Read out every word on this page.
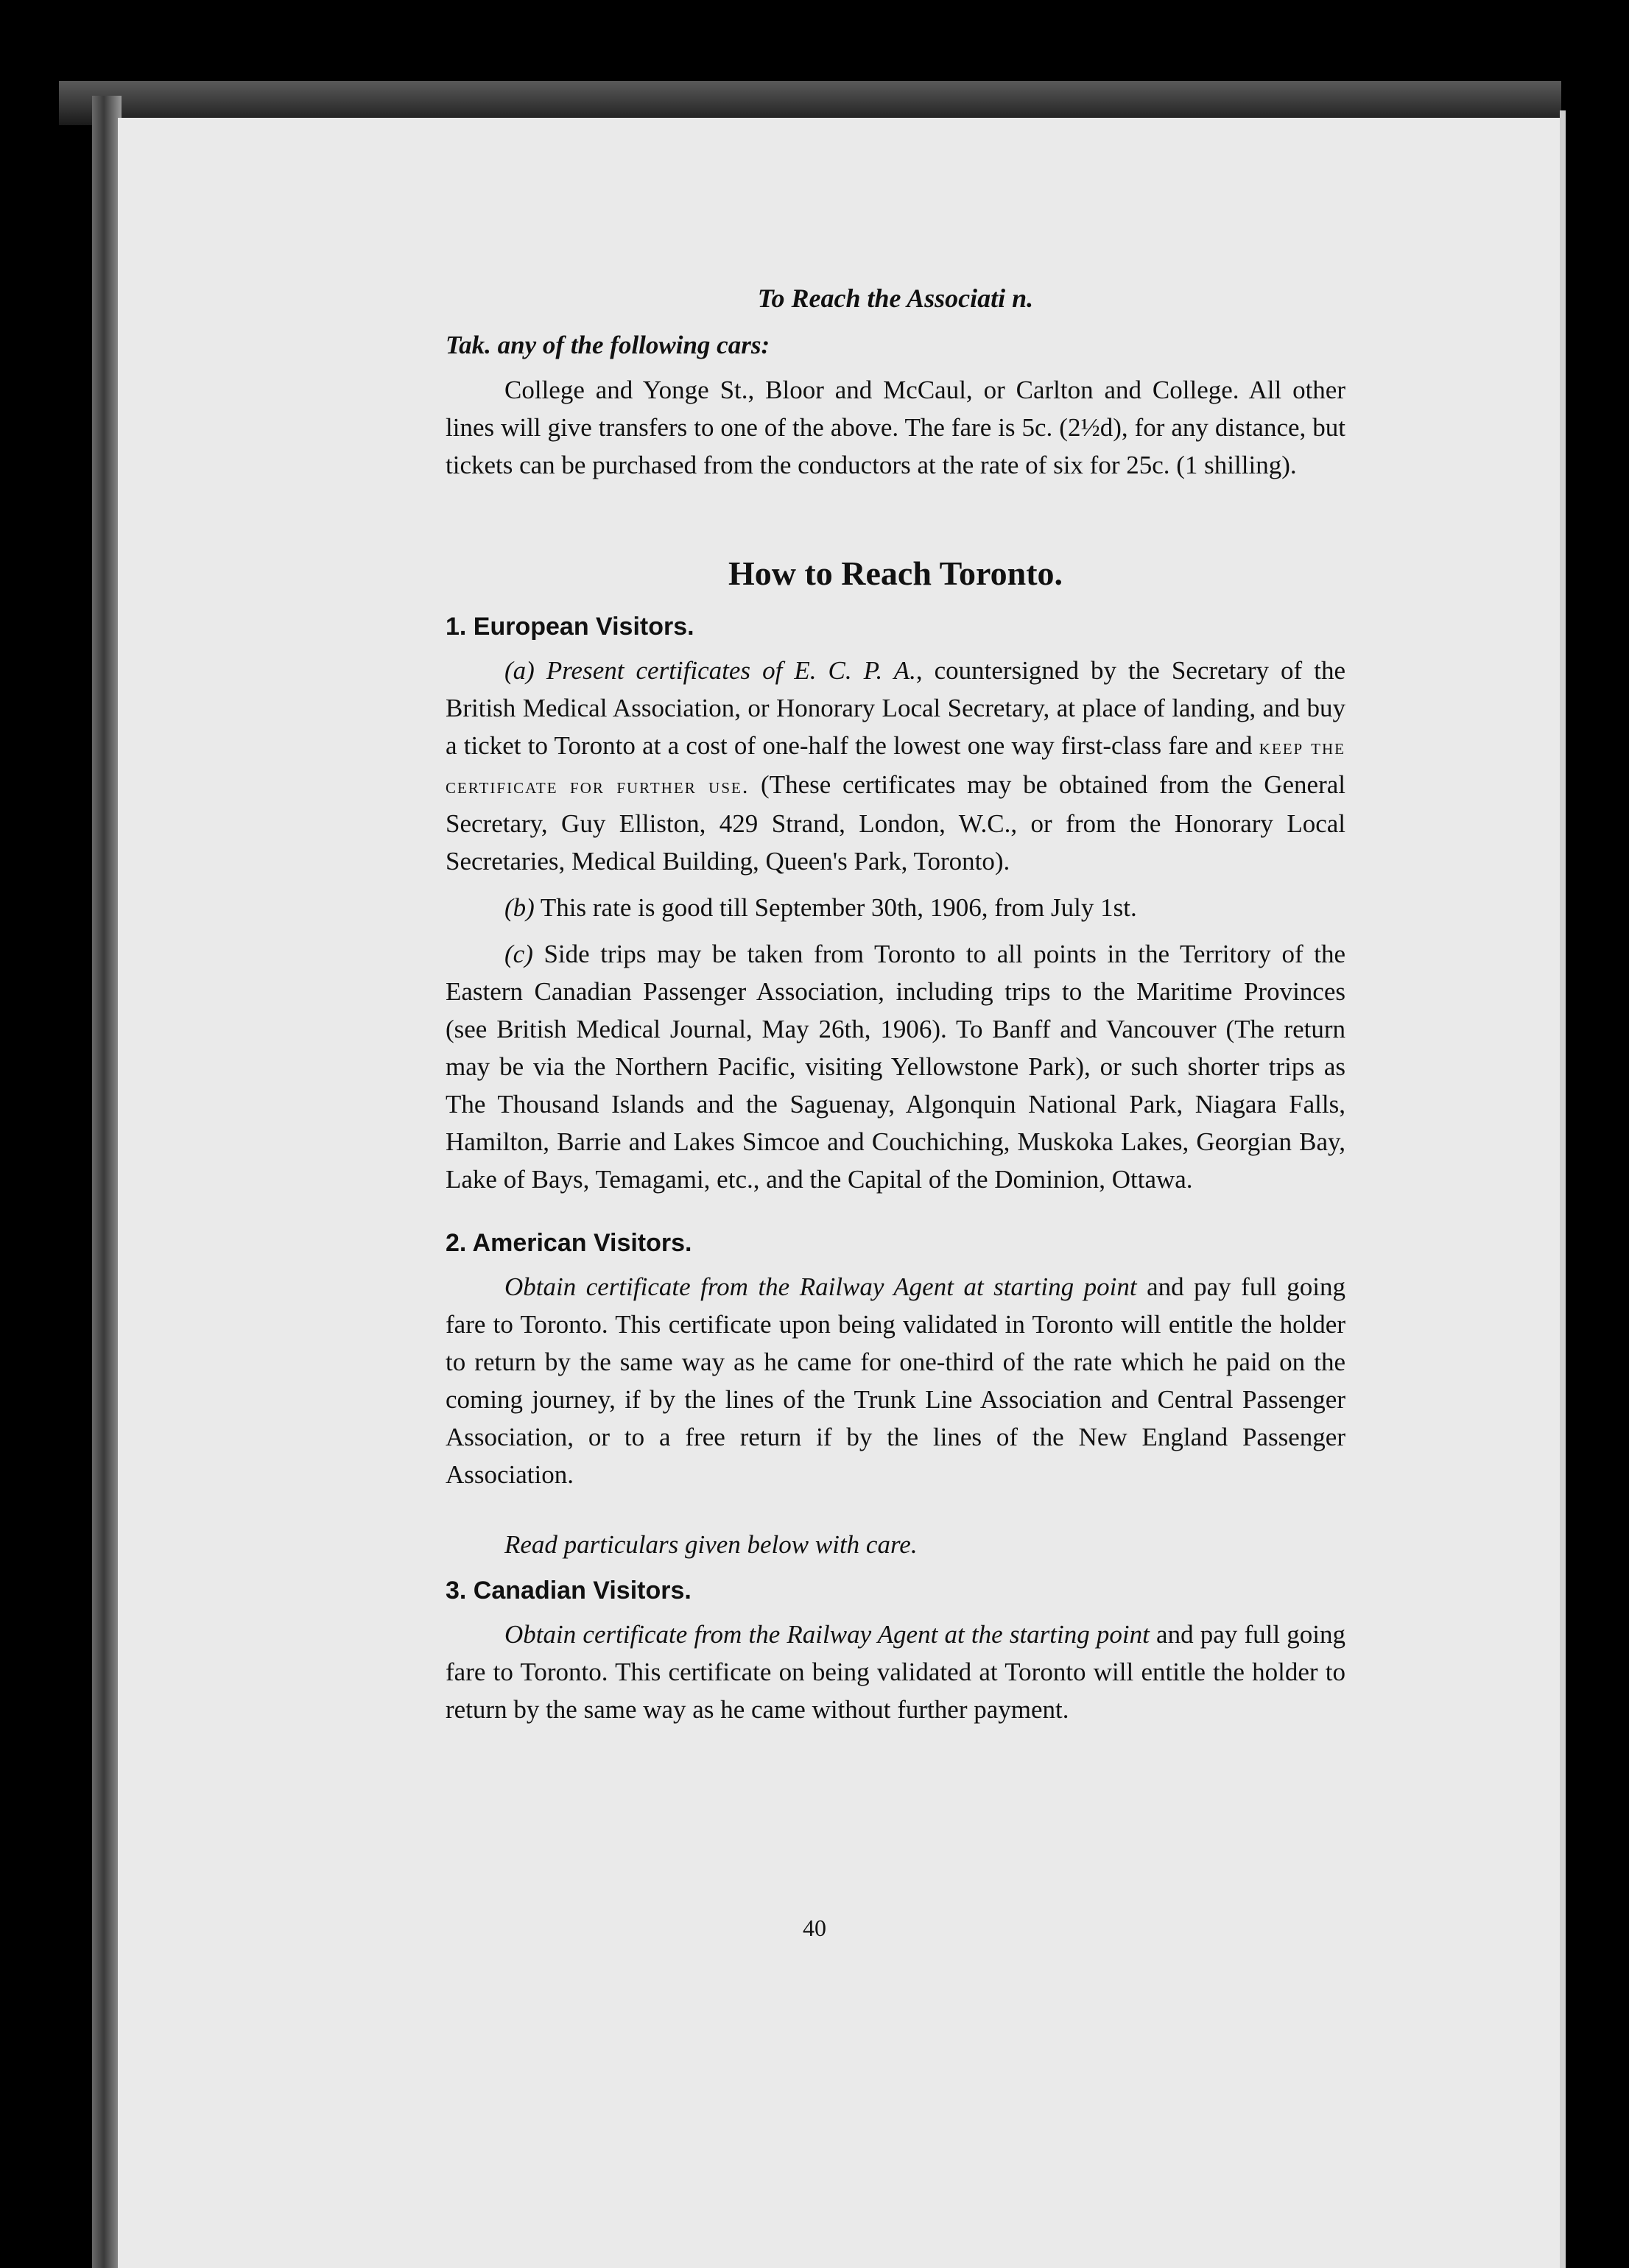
To Reach the Associati n.
Tak. any of the following cars:

College and Yonge St., Bloor and McCaul, or Carlton and College. All other lines will give transfers to one of the above. The fare is 5c. (2½d), for any distance, but tickets can be purchased from the conductors at the rate of six for 25c. (1 shilling).

How to Reach Toronto.
1. European Visitors.

(a) Present certificates of E. C. P. A., countersigned by the Secretary of the British Medical Association, or Honorary Local Secretary, at place of landing, and buy a ticket to Toronto at a cost of one-half the lowest one way first-class fare and keep the certificate for further use. (These certificates may be obtained from the General Secretary, Guy Elliston, 429 Strand, London, W.C., or from the Honorary Local Secretaries, Medical Building, Queen's Park, Toronto).

(b) This rate is good till September 30th, 1906, from July 1st.

(c) Side trips may be taken from Toronto to all points in the Territory of the Eastern Canadian Passenger Association, including trips to the Maritime Provinces (see British Medical Journal, May 26th, 1906). To Banff and Vancouver (The return may be via the Northern Pacific, visiting Yellowstone Park), or such shorter trips as The Thousand Islands and the Saguenay, Algonquin National Park, Niagara Falls, Hamilton, Barrie and Lakes Simcoe and Couchiching, Muskoka Lakes, Georgian Bay, Lake of Bays, Temagami, etc., and the Capital of the Dominion, Ottawa.

2. American Visitors.

Obtain certificate from the Railway Agent at starting point and pay full going fare to Toronto. This certificate upon being validated in Toronto will entitle the holder to return by the same way as he came for one-third of the rate which he paid on the coming journey, if by the lines of the Trunk Line Association and Central Passenger Association, or to a free return if by the lines of the New England Passenger Association.

Read particulars given below with care.

3. Canadian Visitors.

Obtain certificate from the Railway Agent at the starting point and pay full going fare to Toronto. This certificate on being validated at Toronto will entitle the holder to return by the same way as he came without further payment.

40
